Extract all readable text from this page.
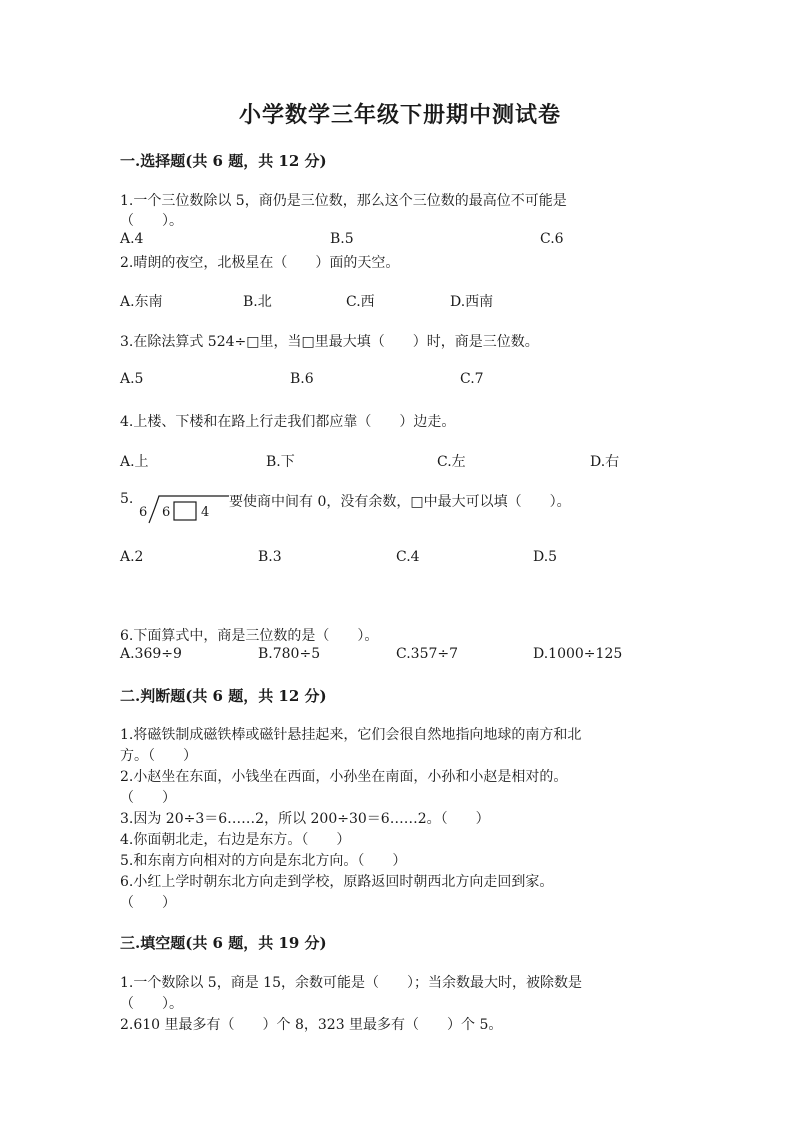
小学数学三年级下册期中测试卷
一.选择题(共 6 题，共 12 分)
1.一个三位数除以 5，商仍是三位数，那么这个三位数的最高位不可能是
（　　）。
A.4	B.5	C.6
2.晴朗的夜空，北极星在（　　）面的天空。
A.东南	B.北	C.西	D.西南
3.在除法算式 524÷□里，当□里最大填（　　）时，商是三位数。
A.5	B.6	C.7
4.上楼、下楼和在路上行走我们都应靠（　　）边走。
A.上	B.下	C.左	D.右
5.
6 6 4
要使商中间有 0，没有余数，□中最大可以填（　　）。
A.2	B.3	C.4	D.5
6.下面算式中，商是三位数的是（　　）。
A.369÷9	B.780÷5	C.357÷7	D.1000÷125
二.判断题(共 6 题，共 12 分)
1.将磁铁制成磁铁棒或磁针悬挂起来，它们会很自然地指向地球的南方和北
方。（　　）
2.小赵坐在东面，小钱坐在西面，小孙坐在南面，小孙和小赵是相对的。
（　　）
3.因为 20÷3＝6……2，所以 200÷30＝6……2。（　　）
4.你面朝北走，右边是东方。（　　）
5.和东南方向相对的方向是东北方向。（　　）
6.小红上学时朝东北方向走到学校，原路返回时朝西北方向走回到家。
（　　）
三.填空题(共 6 题，共 19 分)
1.一个数除以 5，商是 15，余数可能是（　　）；当余数最大时，被除数是
（　　）。
2.610 里最多有（　　）个 8，323 里最多有（　　）个 5。
